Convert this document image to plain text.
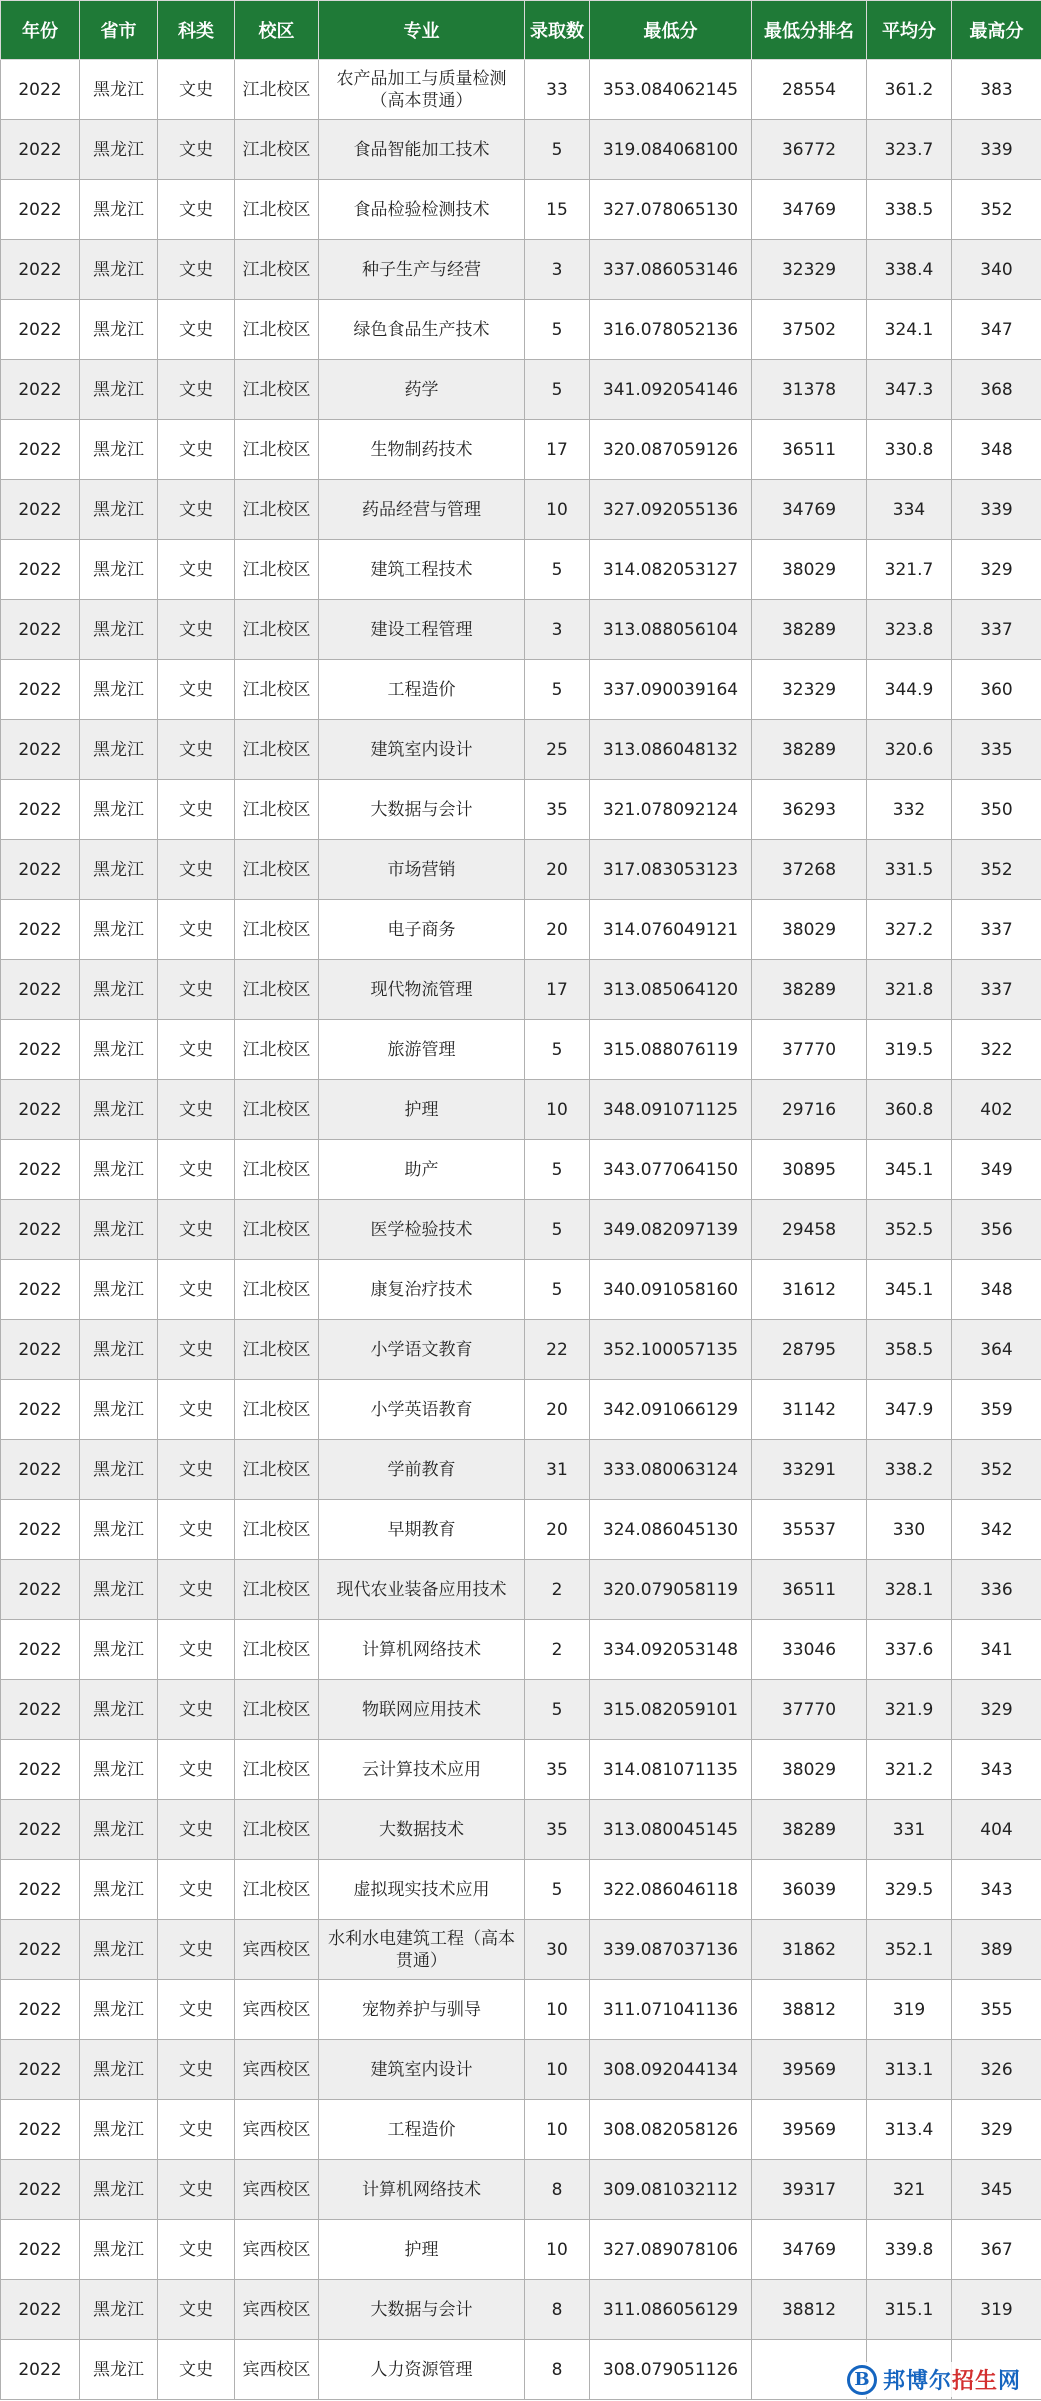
年份	省市	科类	校区	专业	录取数	最低分	最低分排名	平均分	最高分
2022	黑龙江	文史	江北校区	农产品加工与质量检测（高本贯通）	33	353.084062145	28554	361.2	383
2022	黑龙江	文史	江北校区	食品智能加工技术	5	319.084068100	36772	323.7	339
2022	黑龙江	文史	江北校区	食品检验检测技术	15	327.078065130	34769	338.5	352
2022	黑龙江	文史	江北校区	种子生产与经营	3	337.086053146	32329	338.4	340
2022	黑龙江	文史	江北校区	绿色食品生产技术	5	316.078052136	37502	324.1	347
2022	黑龙江	文史	江北校区	药学	5	341.092054146	31378	347.3	368
2022	黑龙江	文史	江北校区	生物制药技术	17	320.087059126	36511	330.8	348
2022	黑龙江	文史	江北校区	药品经营与管理	10	327.092055136	34769	334	339
2022	黑龙江	文史	江北校区	建筑工程技术	5	314.082053127	38029	321.7	329
2022	黑龙江	文史	江北校区	建设工程管理	3	313.088056104	38289	323.8	337
2022	黑龙江	文史	江北校区	工程造价	5	337.090039164	32329	344.9	360
2022	黑龙江	文史	江北校区	建筑室内设计	25	313.086048132	38289	320.6	335
2022	黑龙江	文史	江北校区	大数据与会计	35	321.078092124	36293	332	350
2022	黑龙江	文史	江北校区	市场营销	20	317.083053123	37268	331.5	352
2022	黑龙江	文史	江北校区	电子商务	20	314.076049121	38029	327.2	337
2022	黑龙江	文史	江北校区	现代物流管理	17	313.085064120	38289	321.8	337
2022	黑龙江	文史	江北校区	旅游管理	5	315.088076119	37770	319.5	322
2022	黑龙江	文史	江北校区	护理	10	348.091071125	29716	360.8	402
2022	黑龙江	文史	江北校区	助产	5	343.077064150	30895	345.1	349
2022	黑龙江	文史	江北校区	医学检验技术	5	349.082097139	29458	352.5	356
2022	黑龙江	文史	江北校区	康复治疗技术	5	340.091058160	31612	345.1	348
2022	黑龙江	文史	江北校区	小学语文教育	22	352.100057135	28795	358.5	364
2022	黑龙江	文史	江北校区	小学英语教育	20	342.091066129	31142	347.9	359
2022	黑龙江	文史	江北校区	学前教育	31	333.080063124	33291	338.2	352
2022	黑龙江	文史	江北校区	早期教育	20	324.086045130	35537	330	342
2022	黑龙江	文史	江北校区	现代农业装备应用技术	2	320.079058119	36511	328.1	336
2022	黑龙江	文史	江北校区	计算机网络技术	2	334.092053148	33046	337.6	341
2022	黑龙江	文史	江北校区	物联网应用技术	5	315.082059101	37770	321.9	329
2022	黑龙江	文史	江北校区	云计算技术应用	35	314.081071135	38029	321.2	343
2022	黑龙江	文史	江北校区	大数据技术	35	313.080045145	38289	331	404
2022	黑龙江	文史	江北校区	虚拟现实技术应用	5	322.086046118	36039	329.5	343
2022	黑龙江	文史	宾西校区	水利水电建筑工程（高本贯通）	30	339.087037136	31862	352.1	389
2022	黑龙江	文史	宾西校区	宠物养护与驯导	10	311.071041136	38812	319	355
2022	黑龙江	文史	宾西校区	建筑室内设计	10	308.092044134	39569	313.1	326
2022	黑龙江	文史	宾西校区	工程造价	10	308.082058126	39569	313.4	329
2022	黑龙江	文史	宾西校区	计算机网络技术	8	309.081032112	39317	321	345
2022	黑龙江	文史	宾西校区	护理	10	327.089078106	34769	339.8	367
2022	黑龙江	文史	宾西校区	大数据与会计	8	311.086056129	38812	315.1	319
2022	黑龙江	文史	宾西校区	人力资源管理	8	308.079051126				B 邦博尔招生网
